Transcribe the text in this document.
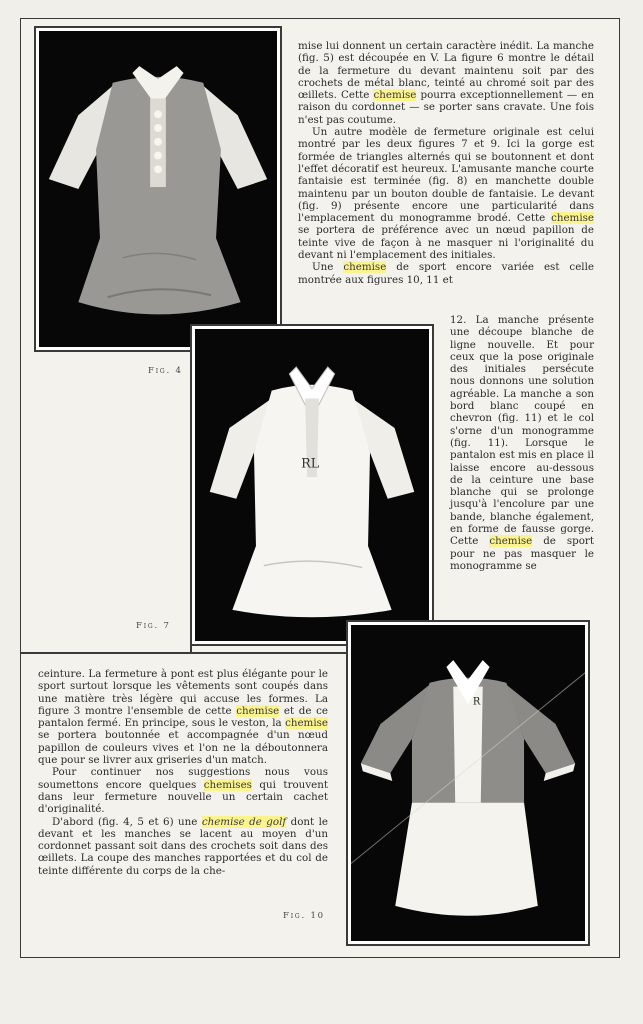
Fig. 4
RL
Fig. 7
R
Fig. 10

mise lui donnent un certain caractère inédit. La manche (fig. 5) est découpée en V. La figure 6 montre le détail de la fermeture du devant maintenu soit par des crochets de métal blanc, teinté au chromé soit par des œillets. Cette chemise pourra exceptionnellement — en raison du cordonnet — se porter sans cravate. Une fois n'est pas coutume.

Un autre modèle de fermeture originale est celui montré par les deux figures 7 et 9. Ici la gorge est formée de triangles alternés qui se boutonnent et dont l'effet décoratif est heureux. L'amusante manche courte fantaisie est terminée (fig. 8) en manchette double maintenu par un bouton double de fantaisie. Le devant (fig. 9) présente encore une particularité dans l'emplacement du monogramme brodé. Cette chemise se portera de préférence avec un nœud papillon de teinte vive de façon à ne masquer ni l'originalité du devant ni l'emplacement des initiales.

Une chemise de sport encore variée est celle montrée aux figures 10, 11 et

12. La manche présente une découpe blanche de ligne nouvelle. Et pour ceux que la pose originale des initiales persécute nous donnons une solution agréable. La manche a son bord blanc coupé en chevron (fig. 11) et le col s'orne d'un monogramme (fig. 11). Lorsque le pantalon est mis en place il laisse encore au-dessous de la ceinture une base blanche qui se prolonge jusqu'à l'encolure par une bande, blanche également, en forme de fausse gorge. Cette chemise de sport pour ne pas masquer le monogramme se

ceinture. La fermeture à pont est plus élégante pour le sport surtout lorsque les vêtements sont coupés dans une matière très légère qui accuse les formes. La figure 3 montre l'ensemble de cette chemise et de ce pantalon fermé. En principe, sous le veston, la chemise se portera boutonnée et accompagnée d'un nœud papillon de couleurs vives et l'on ne la déboutonnera que pour se livrer aux griseries d'un match.

Pour continuer nos suggestions nous vous soumettons encore quelques chemises qui trouvent dans leur fermeture nouvelle un certain cachet d'originalité.

D'abord (fig. 4, 5 et 6) une chemise de golf dont le devant et les manches se lacent au moyen d'un cordonnet passant soit dans des crochets soit dans des œillets. La coupe des manches rapportées et du col de teinte différente du corps de la che-
